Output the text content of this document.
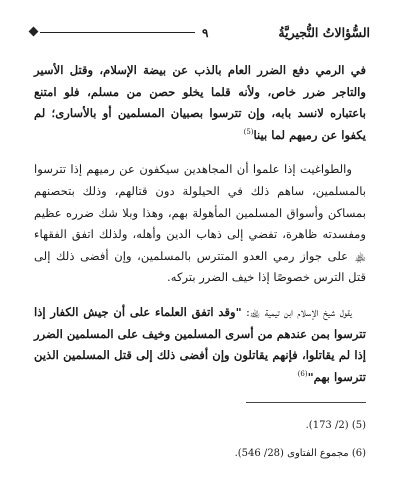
السُّؤالاتُ النُّجيريَّةُ
٩

في الرمي دفع الضرر العام بالذب عن بيضة الإسلام، وقتل الأسير والتاجر ضرر خاص، ولأنه قلما يخلو حصن من مسلم، فلو امتنع باعتباره لانسد بابه، وإن تترسوا بصبيان المسلمين أو بالأسارى؛ لم يكفوا عن رميهم لما بينا$^{(5)}$

والطواغيت إذا علموا أن المجاهدين سيكفون عن رميهم إذا تترسوا بالمسلمين، ساهم ذلك في الحيلولة دون قتالهم، وذلك بتحصنهم بمساكن وأسواق المسلمين المأهولة بهم، وهذا وبلا شك ضرره عظيم ومفسدته ظاهرة، تفضي إلى ذهاب الدين وأهله، ولذلك اتفق الفقهاء ﵏ على جواز رمي العدو المتترس بالمسلمين، وإن أفضى ذلك إلى قتل الترس خصوصًا إذا خيف الضرر بتركه.

يقول شيخ الإسلام ابن تيمية ﵀: "وقد اتفق العلماء على أن جيش الكفار إذا تترسوا بمن عندهم من أسرى المسلمين وخيف على المسلمين الضرر إذا لم يقاتلوا، فإنهم يقاتلون وإن أفضى ذلك إلى قتل المسلمين الذين تترسوا بهم"$^{(6)}$

(5) (2/ 173).
(6) مجموع الفتاوى (28/ 546).
